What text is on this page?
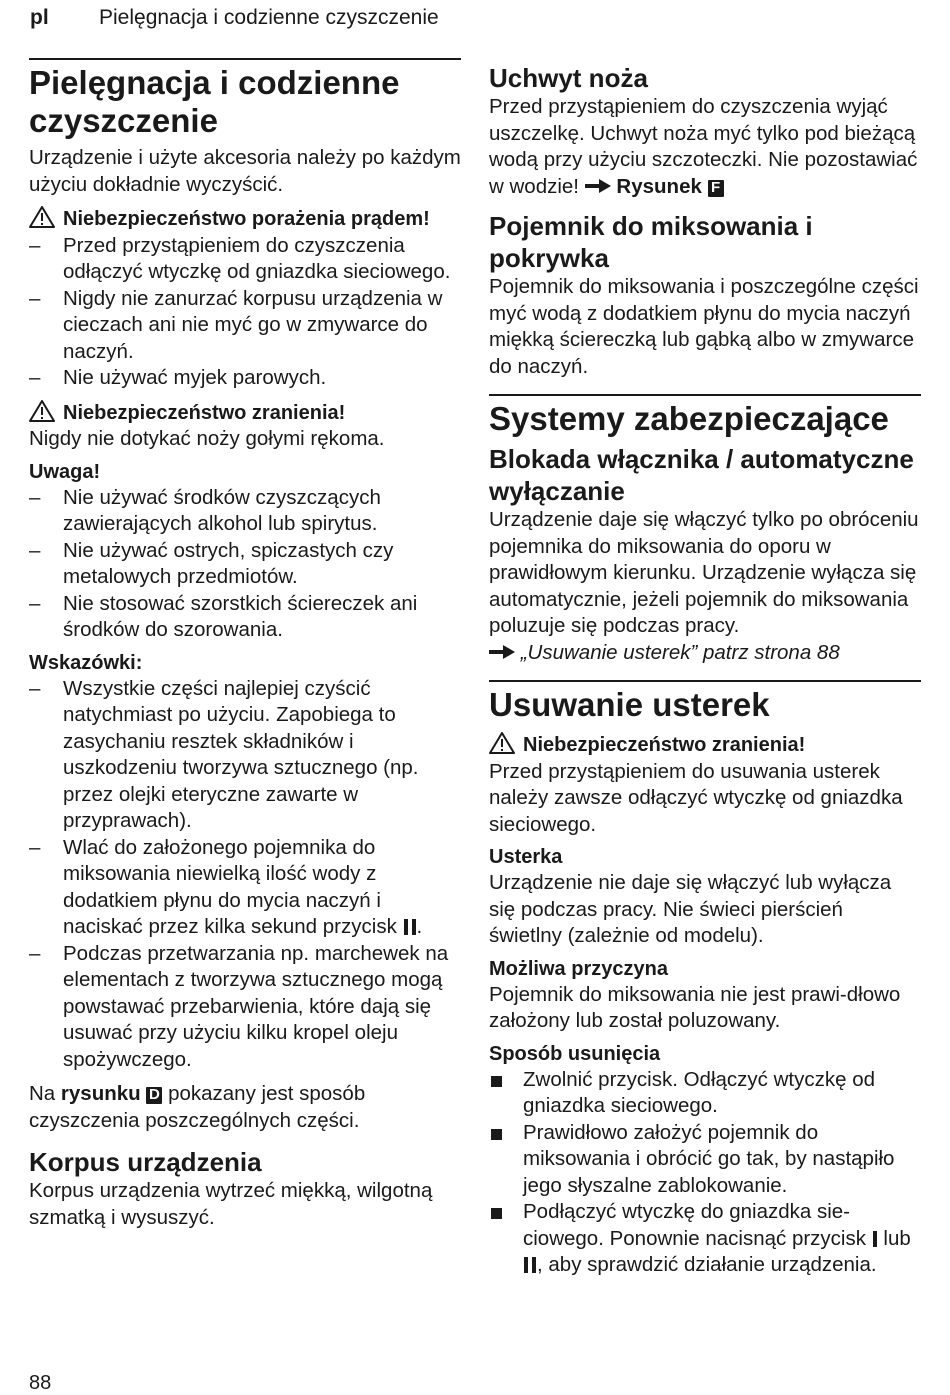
pl Pielęgnacja i codzienne czyszczenie
Pielęgnacja i codzienne czyszczenie

Urządzenie i użyte akcesoria należy po każdym użyciu dokładnie wyczyścić.

Niebezpieczeństwo porażenia prądem!
– Przed przystąpieniem do czyszczenia odłączyć wtyczkę od gniazdka sieciowego.
– Nigdy nie zanurzać korpusu urządzenia w cieczach ani nie myć go w zmywarce do naczyń.
– Nie używać myjek parowych.
Niebezpieczeństwo zranienia!

Nigdy nie dotykać noży gołymi rękoma.

Uwaga!
– Nie używać środków czyszczących zawierających alkohol lub spirytus.
– Nie używać ostrych, spiczastych czy metalowych przedmiotów.
– Nie stosować szorstkich ściereczek ani środków do szorowania.
Wskazówki:
– Wszystkie części najlepiej czyścić natychmiast po użyciu. Zapobiega to zasychaniu resztek składników i uszkodzeniu tworzywa sztucznego (np. przez olejki eteryczne zawarte w przyprawach).
– Wlać do założonego pojemnika do miksowania niewielką ilość wody z dodatkiem płynu do mycia naczyń i naciskać przez kilka sekund przycisk .
– Podczas przetwarzania np. marchewek na elementach z tworzywa sztucznego mogą powstawać przebarwienia, które dają się usuwać przy użyciu kilku kropel oleju spożywczego.

Na rysunku D pokazany jest sposób czyszczenia poszczególnych części.

Korpus urządzenia

Korpus urządzenia wytrzeć miękką, wilgotną szmatką i wysuszyć.

Uchwyt noża

Przed przystąpieniem do czyszczenia wyjąć uszczelkę. Uchwyt noża myć tylko pod bieżącą wodą przy użyciu szczoteczki. Nie pozostawiać w wodzie! Rysunek F

Pojemnik do miksowania i pokrywka

Pojemnik do miksowania i poszczególne części myć wodą z dodatkiem płynu do mycia naczyń miękką ściereczką lub gąbką albo w zmywarce do naczyń.

Systemy zabezpieczające
Blokada włącznika / automatyczne wyłączanie

Urządzenie daje się włączyć tylko po obróceniu pojemnika do miksowania do oporu w prawidłowym kierunku. Urządzenie wyłącza się automatycznie, jeżeli pojemnik do miksowania poluzuje się podczas pracy.

„Usuwanie usterek” patrz strona 88

Usuwanie usterek
Niebezpieczeństwo zranienia!

Przed przystąpieniem do usuwania usterek należy zawsze odłączyć wtyczkę od gniazdka sieciowego.

Usterka

Urządzenie nie daje się włączyć lub wyłącza się podczas pracy. Nie świeci pierścień świetlny (zależnie od modelu).

Możliwa przyczyna

Pojemnik do miksowania nie jest prawi-dłowo założony lub został poluzowany.

Sposób usunięcia
Zwolnić przycisk. Odłączyć wtyczkę od gniazdka sieciowego.
Prawidłowo założyć pojemnik do miksowania i obrócić go tak, by nastąpiło jego słyszalne zablokowanie.
Podłączyć wtyczkę do gniazdka sie-ciowego. Ponownie nacisnąć przycisk lub , aby sprawdzić działanie urządzenia.
88
